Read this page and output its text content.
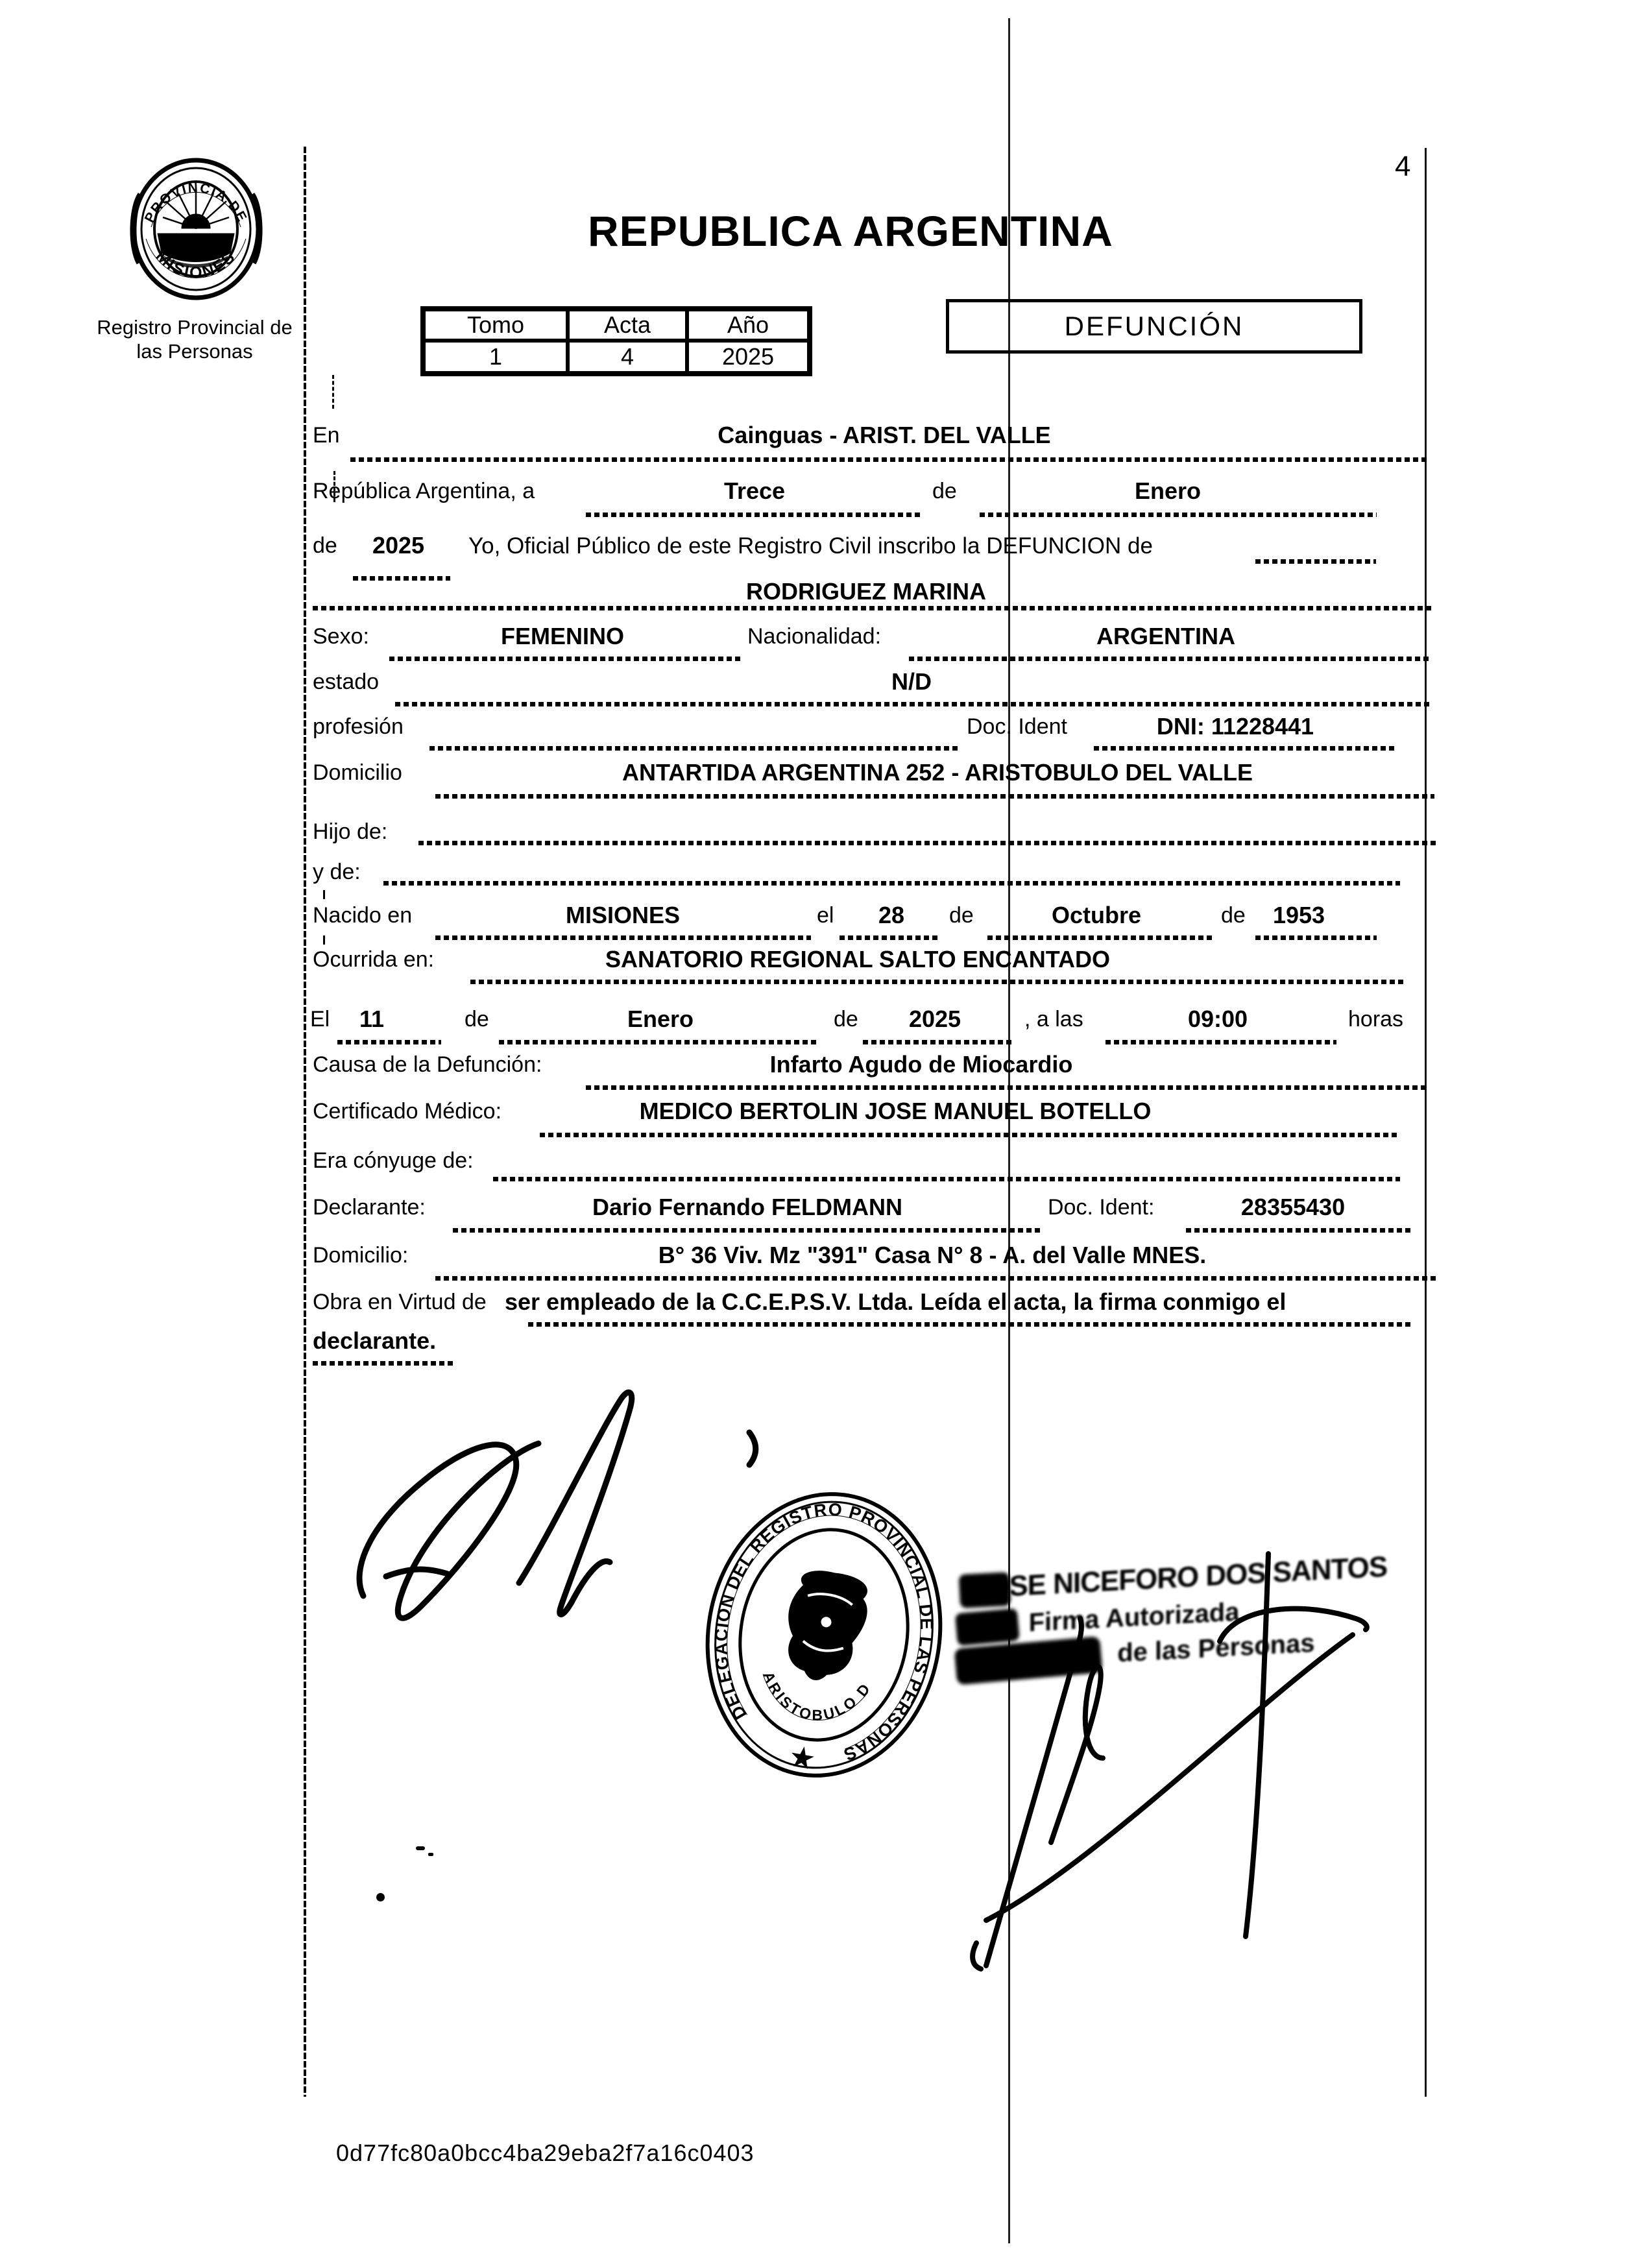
4
PROVINCIA DE
MISIONES
Registro Provincial de
las Personas
REPUBLICA ARGENTINA
Tomo	Acta	Año
1	4	2025
DEFUNCIÓN
En	Cainguas - ARIST. DEL VALLE
República Argentina, a	Trece	de	Enero
de 2025 Yo, Oficial Público de este Registro Civil inscribo la DEFUNCION de
RODRIGUEZ MARINA
Sexo:	FEMENINO	Nacionalidad:	ARGENTINA
estado	N/D
profesión	Doc. Ident	DNI: 11228441
Domicilio	ANTARTIDA ARGENTINA 252 - ARISTOBULO DEL VALLE
Hijo de:
y de:
Nacido en	MISIONES	el 28 de	Octubre	de 1953
Ocurrida en:	SANATORIO REGIONAL SALTO ENCANTADO
El 11	de	Enero	de 2025	, a las	09:00	horas
Causa de la Defunción:	Infarto Agudo de Miocardio
Certificado Médico:	MEDICO BERTOLIN JOSE MANUEL BOTELLO
Era cónyuge de:
Declarante:	Dario Fernando FELDMANN	Doc. Ident:	28355430
Domicilio:	B° 36 Viv. Mz "391" Casa N° 8 - A. del Valle MNES.
Obra en Virtud de ser empleado de la C.C.E.P.S.V. Ltda. Leída el acta, la firma conmigo el
declarante.
DELEGACION DEL REGISTRO PROVINCIAL DE LAS PERSONAS
ARISTOBULO DEL VALLE
★
JOSE NICEFORO DOS SANTOS
Firma Autorizada
de las Personas
0d77fc80a0bcc4ba29eba2f7a16c0403
